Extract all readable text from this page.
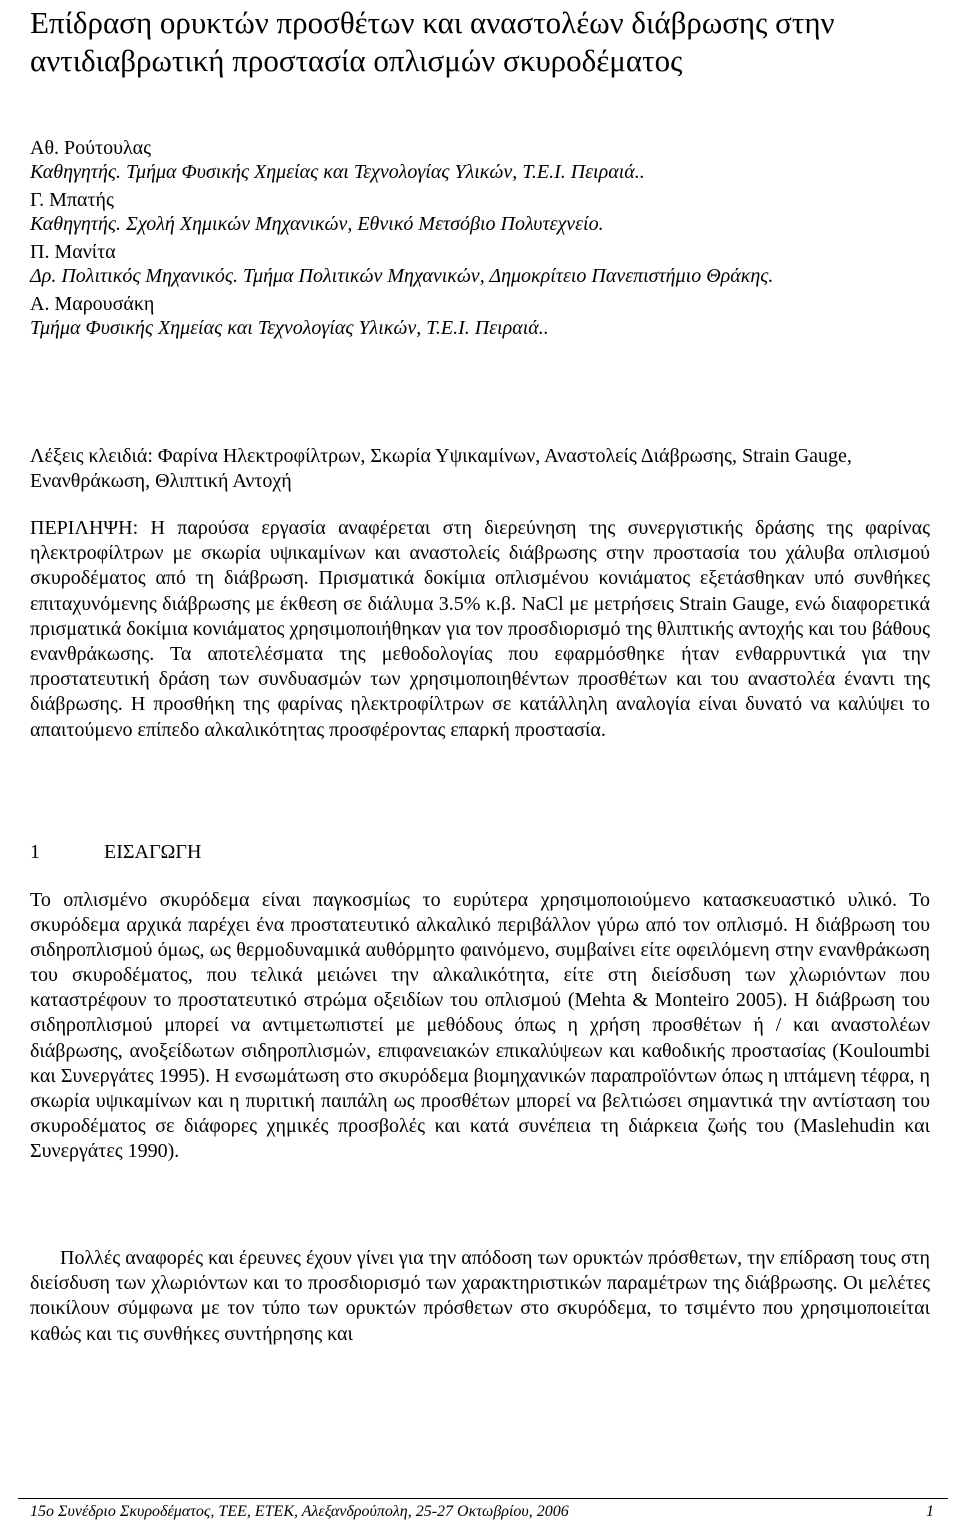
Επίδραση ορυκτών προσθέτων και αναστολέων διάβρωσης στην αντιδιαβρωτική προστασία οπλισμών σκυροδέματος
Αθ. Ρούτουλας
Καθηγητής. Τμήμα Φυσικής Χημείας και Τεχνολογίας Υλικών, Τ.Ε.Ι. Πειραιά..
Γ. Μπατής
Καθηγητής. Σχολή Χημικών Μηχανικών, Εθνικό Μετσόβιο Πολυτεχνείο.
Π. Μανίτα
Δρ. Πολιτικός Μηχανικός. Τμήμα Πολιτικών Μηχανικών, Δημοκρίτειο Πανεπιστήμιο Θράκης.
Α. Μαρουσάκη
Τμήμα Φυσικής Χημείας και Τεχνολογίας Υλικών, Τ.Ε.Ι. Πειραιά..

Λέξεις κλειδιά: Φαρίνα Ηλεκτροφίλτρων, Σκωρία Υψικαμίνων, Αναστολείς Διάβρωσης, Strain Gauge, Ενανθράκωση, Θλιπτική Αντοχή

ΠΕΡΙΛΗΨΗ: Η παρούσα εργασία αναφέρεται στη διερεύνηση της συνεργιστικής δράσης της φαρίνας ηλεκτροφίλτρων με σκωρία υψικαμίνων και αναστολείς διάβρωσης στην προστασία του χάλυβα οπλισμού σκυροδέματος από τη διάβρωση. Πρισματικά δοκίμια οπλισμένου κονιάματος εξετάσθηκαν υπό συνθήκες επιταχυνόμενης διάβρωσης με έκθεση σε διάλυμα 3.5% κ.β. NaCl με μετρήσεις Strain Gauge, ενώ διαφορετικά πρισματικά δοκίμια κονιάματος χρησιμοποιήθηκαν για τον προσδιορισμό της θλιπτικής αντοχής και του βάθους ενανθράκωσης. Τα αποτελέσματα της μεθοδολογίας που εφαρμόσθηκε ήταν ενθαρρυντικά για την προστατευτική δράση των συνδυασμών των χρησιμοποιηθέντων προσθέτων και του αναστολέα έναντι της διάβρωσης. Η προσθήκη της φαρίνας ηλεκτροφίλτρων σε κατάλληλη αναλογία είναι δυνατό να καλύψει το απαιτούμενο επίπεδο αλκαλικότητας προσφέροντας επαρκή προστασία.

1	ΕΙΣΑΓΩΓΗ

Το οπλισμένο σκυρόδεμα είναι παγκοσμίως το ευρύτερα χρησιμοποιούμενο κατασκευαστικό υλικό. Το σκυρόδεμα αρχικά παρέχει ένα προστατευτικό αλκαλικό περιβάλλον γύρω από τον οπλισμό. Η διάβρωση του σιδηροπλισμού όμως, ως θερμοδυναμικά αυθόρμητο φαινόμενο, συμβαίνει είτε οφειλόμενη στην ενανθράκωση του σκυροδέματος, που τελικά μειώνει την αλκαλικότητα, είτε στη διείσδυση των χλωριόντων που καταστρέφουν το προστατευτικό στρώμα οξειδίων του οπλισμού (Mehta & Monteiro 2005). Η διάβρωση του σιδηροπλισμού μπορεί να αντιμετωπιστεί με μεθόδους όπως η χρήση προσθέτων ή / και αναστολέων διάβρωσης, ανοξείδωτων σιδηροπλισμών, επιφανειακών επικαλύψεων και καθοδικής προστασίας (Kouloumbi και Συνεργάτες 1995). Η ενσωμάτωση στο σκυρόδεμα βιομηχανικών παραπροϊόντων όπως η ιπτάμενη τέφρα, η σκωρία υψικαμίνων και η πυριτική παιπάλη ως προσθέτων μπορεί να βελτιώσει σημαντικά την αντίσταση του σκυροδέματος σε διάφορες χημικές προσβολές και κατά συνέπεια τη διάρκεια ζωής του (Maslehudin και Συνεργάτες 1990).

Πολλές αναφορές και έρευνες έχουν γίνει για την απόδοση των ορυκτών πρόσθετων, την επίδραση τους στη διείσδυση των χλωριόντων και το προσδιορισμό των χαρακτηριστικών παραμέτρων της διάβρωσης. Οι μελέτες ποικίλουν σύμφωνα με τον τύπο των ορυκτών πρόσθετων στο σκυρόδεμα, το τσιμέντο που χρησιμοποιείται καθώς και τις συνθήκες συντήρησης και

15ο Συνέδριο Σκυροδέματος, ΤΕΕ, ΕΤΕΚ, Αλεξανδρούπολη, 25-27 Οκτωβρίου, 2006	1
